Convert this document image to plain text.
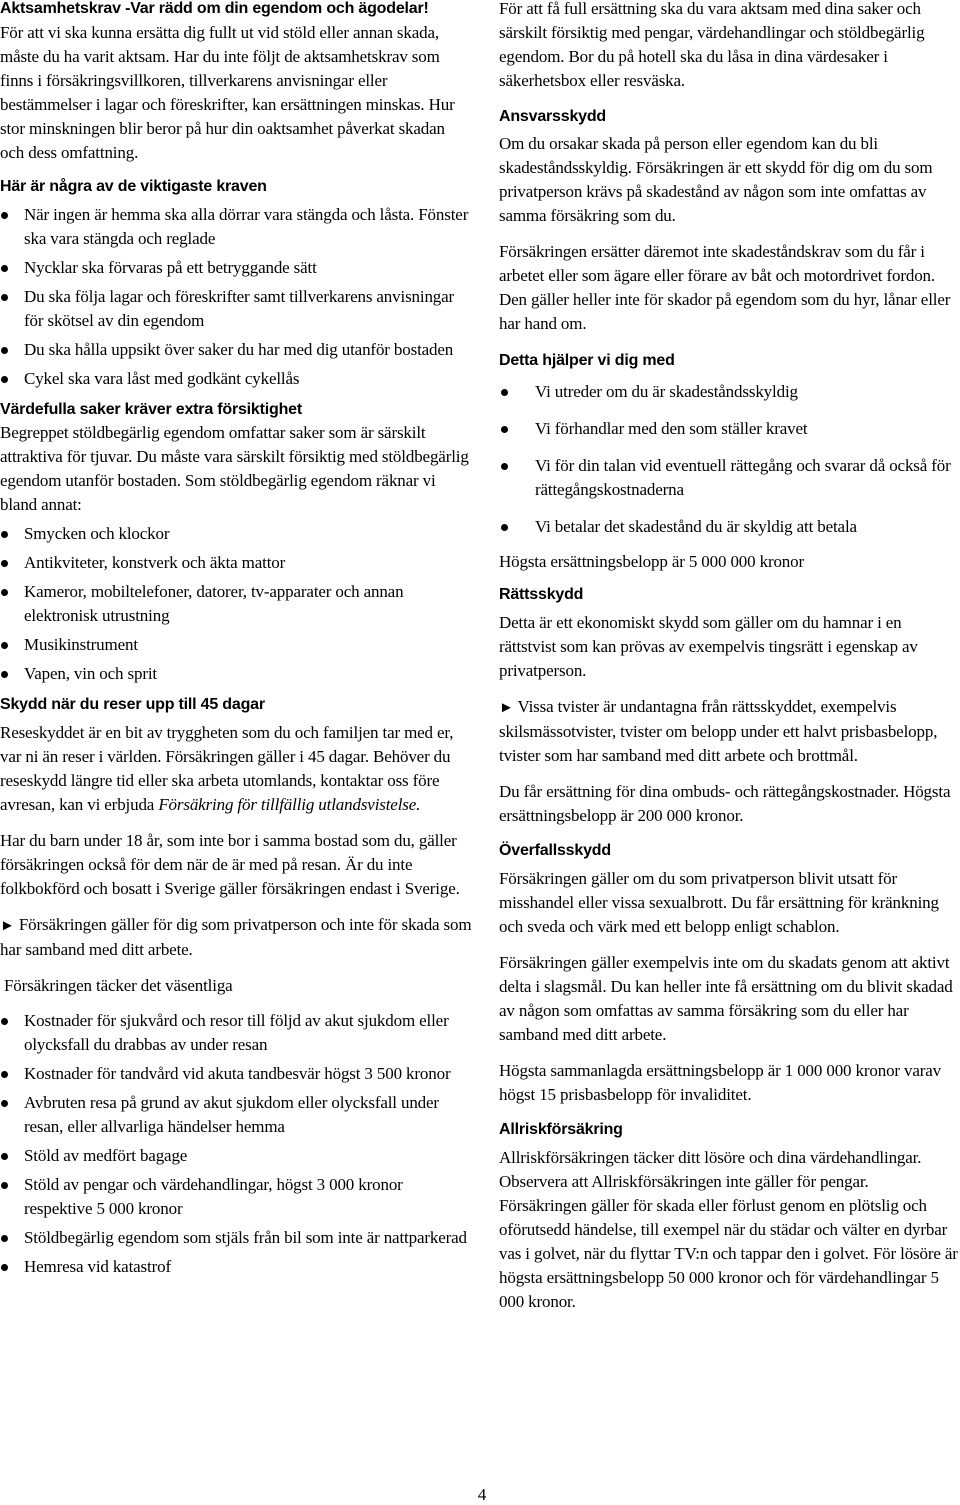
Aktsamhetskrav -Var rädd om din egendom och ägodelar!

För att vi ska kunna ersätta dig fullt ut vid stöld eller annan skada, måste du ha varit aktsam. Har du inte följt de aktsamhetskrav som finns i försäkringsvillkoren, tillverkarens anvisningar eller bestämmelser i lagar och föreskrifter, kan ersättningen minskas. Hur stor minskningen blir beror på hur din oaktsamhet påverkat skadan och dess omfattning.

Här är några av de viktigaste kraven
När ingen är hemma ska alla dörrar vara stängda och låsta. Fönster ska vara stängda och reglade
Nycklar ska förvaras på ett betryggande sätt
Du ska följa lagar och föreskrifter samt tillverkarens anvisningar för skötsel av din egendom
Du ska hålla uppsikt över saker du har med dig utanför bostaden
Cykel ska vara låst med godkänt cykellås
Värdefulla saker kräver extra försiktighet

Begreppet stöldbegärlig egendom omfattar saker som är särskilt attraktiva för tjuvar. Du måste vara särskilt försiktig med stöldbegärlig egendom utanför bostaden. Som stöldbegärlig egendom räknar vi bland annat:

Smycken och klockor
Antikviteter, konstverk och äkta mattor
Kameror, mobiltelefoner, datorer, tv-apparater och annan elektronisk utrustning
Musikinstrument
Vapen, vin och sprit
Skydd när du reser upp till 45 dagar

Reseskyddet är en bit av tryggheten som du och familjen tar med er, var ni än reser i världen. Försäkringen gäller i 45 dagar. Behöver du reseskydd längre tid eller ska arbeta utomlands, kontaktar oss före avresan, kan vi erbjuda Försäkring för tillfällig utlandsvistelse.

Har du barn under 18 år, som inte bor i samma bostad som du, gäller försäkringen också för dem när de är med på resan. Är du inte folkbokförd och bosatt i Sverige gäller försäkringen endast i Sverige.

► Försäkringen gäller för dig som privatperson och inte för skada som har samband med ditt arbete.

Försäkringen täcker det väsentliga

Kostnader för sjukvård och resor till följd av akut sjukdom eller olycksfall du drabbas av under resan
Kostnader för tandvård vid akuta tandbesvär högst 3 500 kronor
Avbruten resa på grund av akut sjukdom eller olycksfall under resan, eller allvarliga händelser hemma
Stöld av medfört bagage
Stöld av pengar och värdehandlingar, högst 3 000 kronor respektive 5 000 kronor
Stöldbegärlig egendom som stjäls från bil som inte är nattparkerad
Hemresa vid katastrof

För att få full ersättning ska du vara aktsam med dina saker och särskilt försiktig med pengar, värdehandlingar och stöldbegärlig egendom. Bor du på hotell ska du låsa in dina värdesaker i säkerhetsbox eller resväska.

Ansvarsskydd

Om du orsakar skada på person eller egendom kan du bli skadeståndsskyldig. Försäkringen är ett skydd för dig om du som privatperson krävs på skadestånd av någon som inte omfattas av samma försäkring som du.

Försäkringen ersätter däremot inte skadeståndskrav som du får i arbetet eller som ägare eller förare av båt och motordrivet fordon. Den gäller heller inte för skador på egendom som du hyr, lånar eller har hand om.

Detta hjälper vi dig med
Vi utreder om du är skadeståndsskyldig
Vi förhandlar med den som ställer kravet
Vi för din talan vid eventuell rättegång och svarar då också för rättegångskostnaderna
Vi betalar det skadestånd du är skyldig att betala

Högsta ersättningsbelopp är 5 000 000 kronor

Rättsskydd

Detta är ett ekonomiskt skydd som gäller om du hamnar i en rättstvist som kan prövas av exempelvis tingsrätt i egenskap av privatperson.

► Vissa tvister är undantagna från rättsskyddet, exempelvis skilsmässotvister, tvister om belopp under ett halvt prisbasbelopp, tvister som har samband med ditt arbete och brottmål.

Du får ersättning för dina ombuds- och rättegångskostnader. Högsta ersättningsbelopp är 200 000 kronor.

Överfallsskydd

Försäkringen gäller om du som privatperson blivit utsatt för misshandel eller vissa sexualbrott. Du får ersättning för kränkning och sveda och värk med ett belopp enligt schablon.

Försäkringen gäller exempelvis inte om du skadats genom att aktivt delta i slagsmål. Du kan heller inte få ersättning om du blivit skadad av någon som omfattas av samma försäkring som du eller har samband med ditt arbete.

Högsta sammanlagda ersättningsbelopp är 1 000 000 kronor varav högst 15 prisbasbelopp för invaliditet.

Allriskförsäkring

Allriskförsäkringen täcker ditt lösöre och dina värdehandlingar. Observera att Allriskförsäkringen inte gäller för pengar. Försäkringen gäller för skada eller förlust genom en plötslig och oförutsedd händelse, till exempel när du städar och välter en dyrbar vas i golvet, när du flyttar TV:n och tappar den i golvet. För lösöre är högsta ersättningsbelopp 50 000 kronor och för värdehandlingar 5 000 kronor.

4
